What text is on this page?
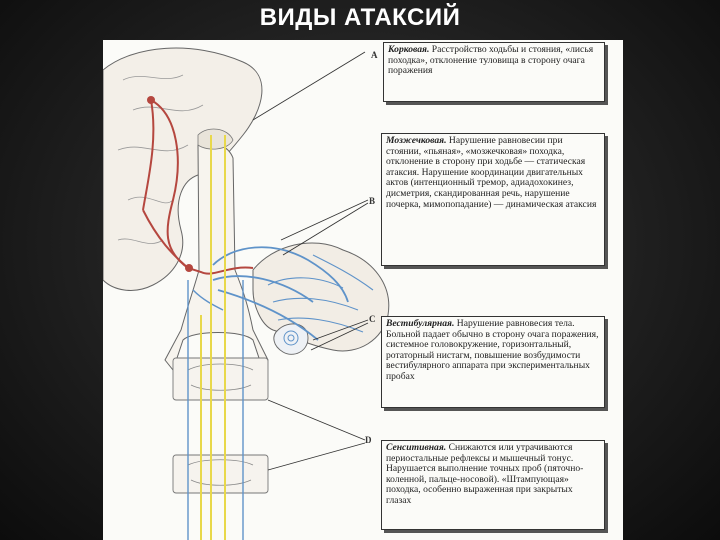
ВИДЫ АТАКСИЙ
A
B
C
D
Корковая. Расстройство ходьбы и стояния, «лисья походка», отклонение туловища в сторону очага поражения
Мозжечковая. Нарушение равновесии при стоянии, «пьяная», «мозжечковая» походка, отклонение в сторону при ходьбе — статическая атаксия. Нарушение координации двигательных актов (интенционный тремор, адиадохокинез, дисметрия, скандированная речь, нарушение почерка, мимопопадание) — динамическая атаксия
Вестибулярная. Нарушение равновесия тела. Больной падает обычно в сторону очага поражения, системное головокружение, горизонтальный, ротаторный нистагм, повышение возбудимости вестибулярного аппарата при экспериментальных пробах
Сенситивная. Снижаются или утрачиваются периостальные рефлексы и мышечный тонус. Нарушается выполнение точных проб (пяточно-коленной, пальце-носовой). «Штампующая» походка, особенно выраженная при закрытых глазах
